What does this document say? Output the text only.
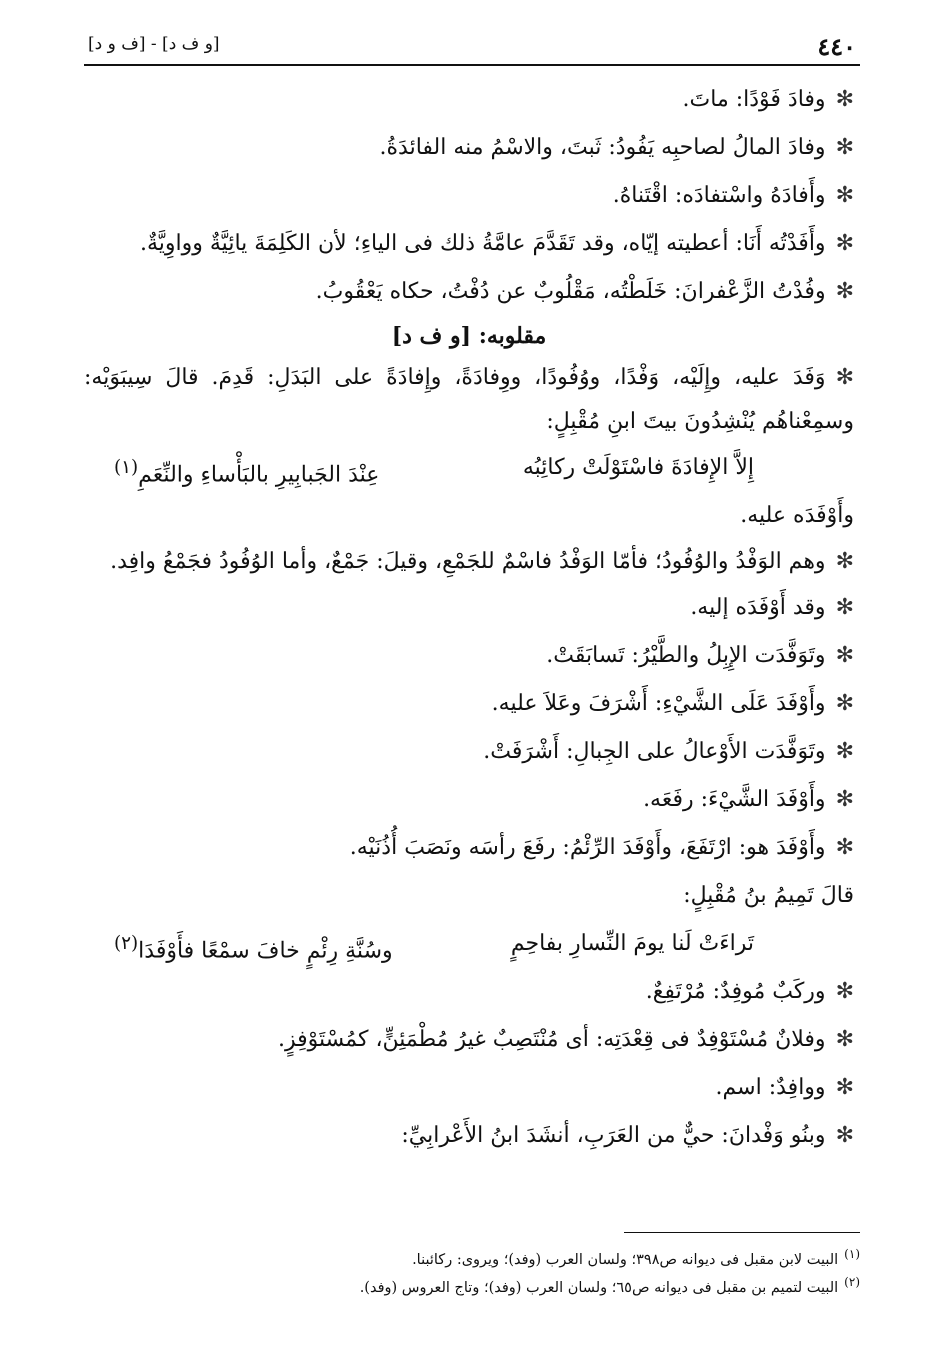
٤٤٠
[ف و د] - [و ف د]
✻وفادَ فَوْدًا: ماتَ.
✻وفادَ المالُ لصاحبِه يَفُودُ: ثَبتَ، والاسْمُ منه الفائدَةُ.
✻وأَفادَهُ واسْتفادَه: اقْتَناهُ.
✻وأَفَدْتُه أَنَا: أعطيته إيّاه، وقد تَقَدَّمَ عامَّةُ ذلك فى الياءِ؛ لأن الكَلِمَةَ يائِيَّةٌ وواوِيَّةٌ.
✻وفُدْتُ الزَّعْفرانَ: خَلَطْتُه، مَقْلُوبٌ عن دُفْتُ، حكاه يَعْقُوبُ.
مقلوبه: [و ف د]
✻وَفَدَ عليه، وإِلَيْه، وَفْدًا، ووُفُودًا، ووِفادَةً، وإِفادَةً على البَدَلِ: قَدِمَ. قالَ سِيبَوَيْه: وسمِعْناهُم يُنْشِدُونَ بيتَ ابنِ مُقْبِلٍ:
إِلاَّ الإِفادَةَ فاسْتَوْلَتْ ركائِبُه
عِنْدَ الجَبابِيرِ بالبَأْساءِ والنِّعَمِ$^{(١)}$
وأَوْفَدَه عليه.
✻وهم الوَفْدُ والوُفُودُ؛ فأمّا الوَفْدُ فاسْمٌ للجَمْعِ، وقيلَ: جَمْعٌ، وأما الوُفُودُ فجَمْعُ وافِد.
✻وقد أَوْفَدَه إليه.
✻وتَوَفَّدَت الإِبِلُ والطَّيْرُ: تَسابَقَتْ.
✻وأَوْفَدَ عَلَى الشَّيْءِ: أَشْرَفَ وعَلاَ عليه.
✻وتَوَفَّدَت الأَوْعالُ على الجِبالِ: أَشْرَفَتْ.
✻وأَوْفَدَ الشَّيْءَ: رفَعَه.
✻وأَوْفَدَ هو: ارْتَفَعَ، وأَوْفَدَ الرِّئْمُ: رفَعَ رأسَه ونَصَبَ أُذُنَيْه.
قالَ تَمِيمُ بنُ مُقْبِلٍ:
تَراءَتْ لَنا يومَ النِّسارِ بفاحِمٍ
وسُنَّةِ رِئْمٍ خافَ سمْعًا فأَوْفَدَا$^{(٢)}$
✻وركَبٌ مُوفِدٌ: مُرْتَفِعٌ.
✻وفلانٌ مُسْتَوْفِدٌ فى قِعْدَتِه: أى مُنْتَصِبٌ غيرُ مُطْمَئِنٍّ، كمُسْتَوْفِزٍ.
✻ووافِدٌ: اسم.
✻وبنُو وَفْدانَ: حيٌّ من العَرَبِ، أنشَدَ ابنُ الأَعْرابِيِّ:
$^{(١)}$البيت لابن مقبل فى ديوانه ص٣٩٨؛ ولسان العرب (وفد)؛ ويروى: ركائبنا.
$^{(٢)}$البيت لتميم بن مقبل فى ديوانه ص٦٥؛ ولسان العرب (وفد)؛ وتاج العروس (وفد).
